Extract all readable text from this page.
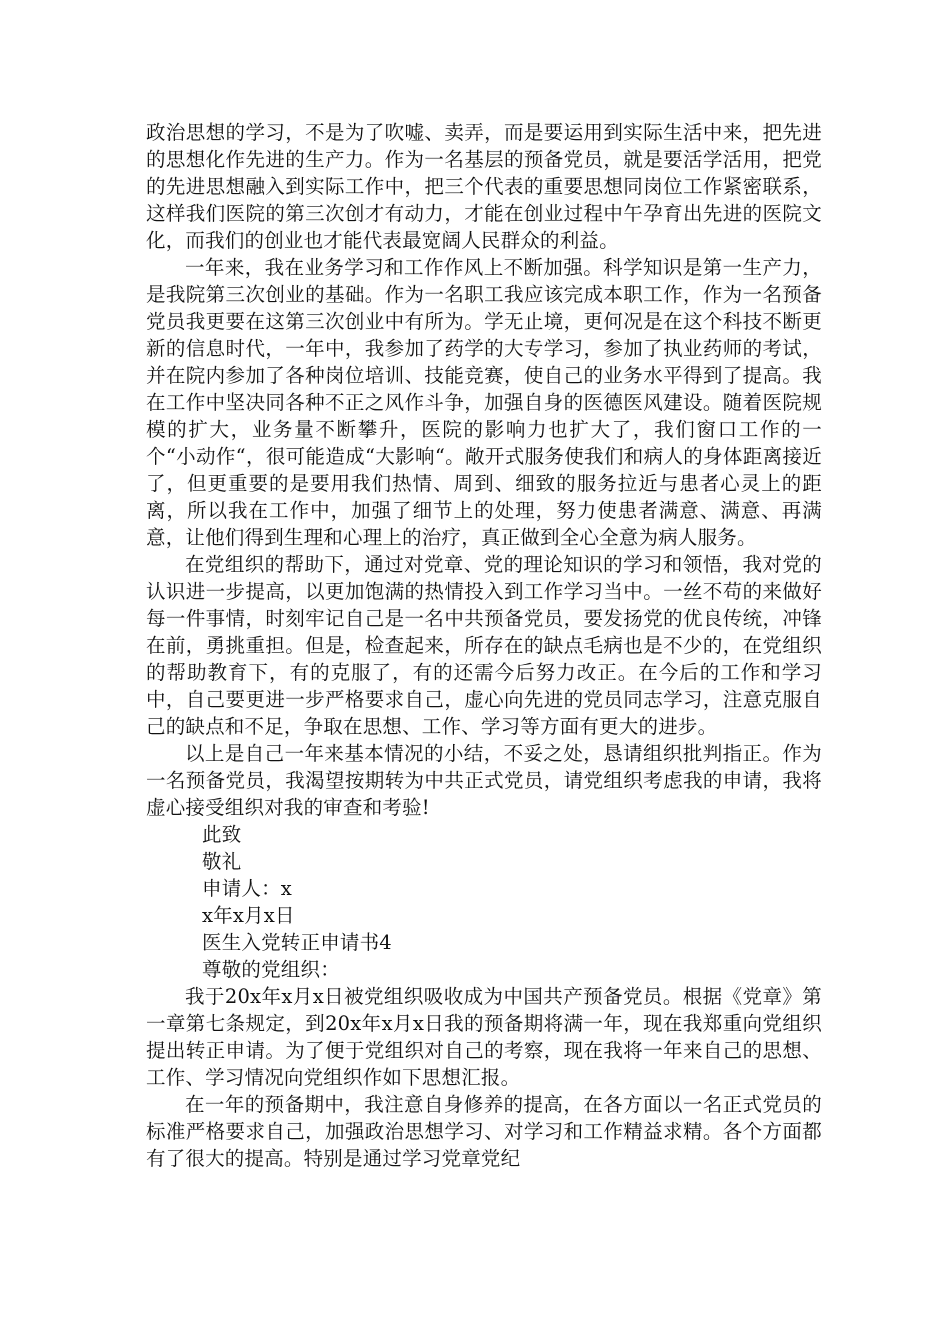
政治思想的学习，不是为了吹嘘、卖弄，而是要运用到实际生活中来，把先进的思想化作先进的生产力。作为一名基层的预备党员，就是要活学活用，把党的先进思想融入到实际工作中，把三个代表的重要思想同岗位工作紧密联系，这样我们医院的第三次创才有动力，才能在创业过程中午孕育出先进的医院文化，而我们的创业也才能代表最宽阔人民群众的利益。

一年来，我在业务学习和工作作风上不断加强。科学知识是第一生产力，是我院第三次创业的基础。作为一名职工我应该完成本职工作，作为一名预备党员我更要在这第三次创业中有所为。学无止境，更何况是在这个科技不断更新的信息时代，一年中，我参加了药学的大专学习，参加了执业药师的考试，并在院内参加了各种岗位培训、技能竞赛，使自己的业务水平得到了提高。我在工作中坚决同各种不正之风作斗争，加强自身的医德医风建设。随着医院规模的扩大，业务量不断攀升，医院的影响力也扩大了，我们窗口工作的一个“小动作“，很可能造成“大影响“。敞开式服务使我们和病人的身体距离接近了，但更重要的是要用我们热情、周到、细致的服务拉近与患者心灵上的距离，所以我在工作中，加强了细节上的处理，努力使患者满意、满意、再满意，让他们得到生理和心理上的治疗，真正做到全心全意为病人服务。

在党组织的帮助下，通过对党章、党的理论知识的学习和领悟，我对党的认识进一步提高，以更加饱满的热情投入到工作学习当中。一丝不苟的来做好每一件事情，时刻牢记自己是一名中共预备党员，要发扬党的优良传统，冲锋在前，勇挑重担。但是，检查起来，所存在的缺点毛病也是不少的，在党组织的帮助教育下，有的克服了，有的还需今后努力改正。在今后的工作和学习中，自己要更进一步严格要求自己，虚心向先进的党员同志学习，注意克服自己的缺点和不足，争取在思想、工作、学习等方面有更大的进步。

以上是自己一年来基本情况的小结，不妥之处，恳请组织批判指正。作为一名预备党员，我渴望按期转为中共正式党员，请党组织考虑我的申请，我将虚心接受组织对我的审查和考验!

此致

敬礼

申请人：x

x年x月x日

医生入党转正申请书4

尊敬的党组织：

我于20x年x月x日被党组织吸收成为中国共产预备党员。根据《党章》第一章第七条规定，到20x年x月x日我的预备期将满一年，现在我郑重向党组织提出转正申请。为了便于党组织对自己的考察，现在我将一年来自己的思想、工作、学习情况向党组织作如下思想汇报。

在一年的预备期中，我注意自身修养的提高，在各方面以一名正式党员的标准严格要求自己，加强政治思想学习、对学习和工作精益求精。各个方面都有了很大的提高。特别是通过学习党章党纪
